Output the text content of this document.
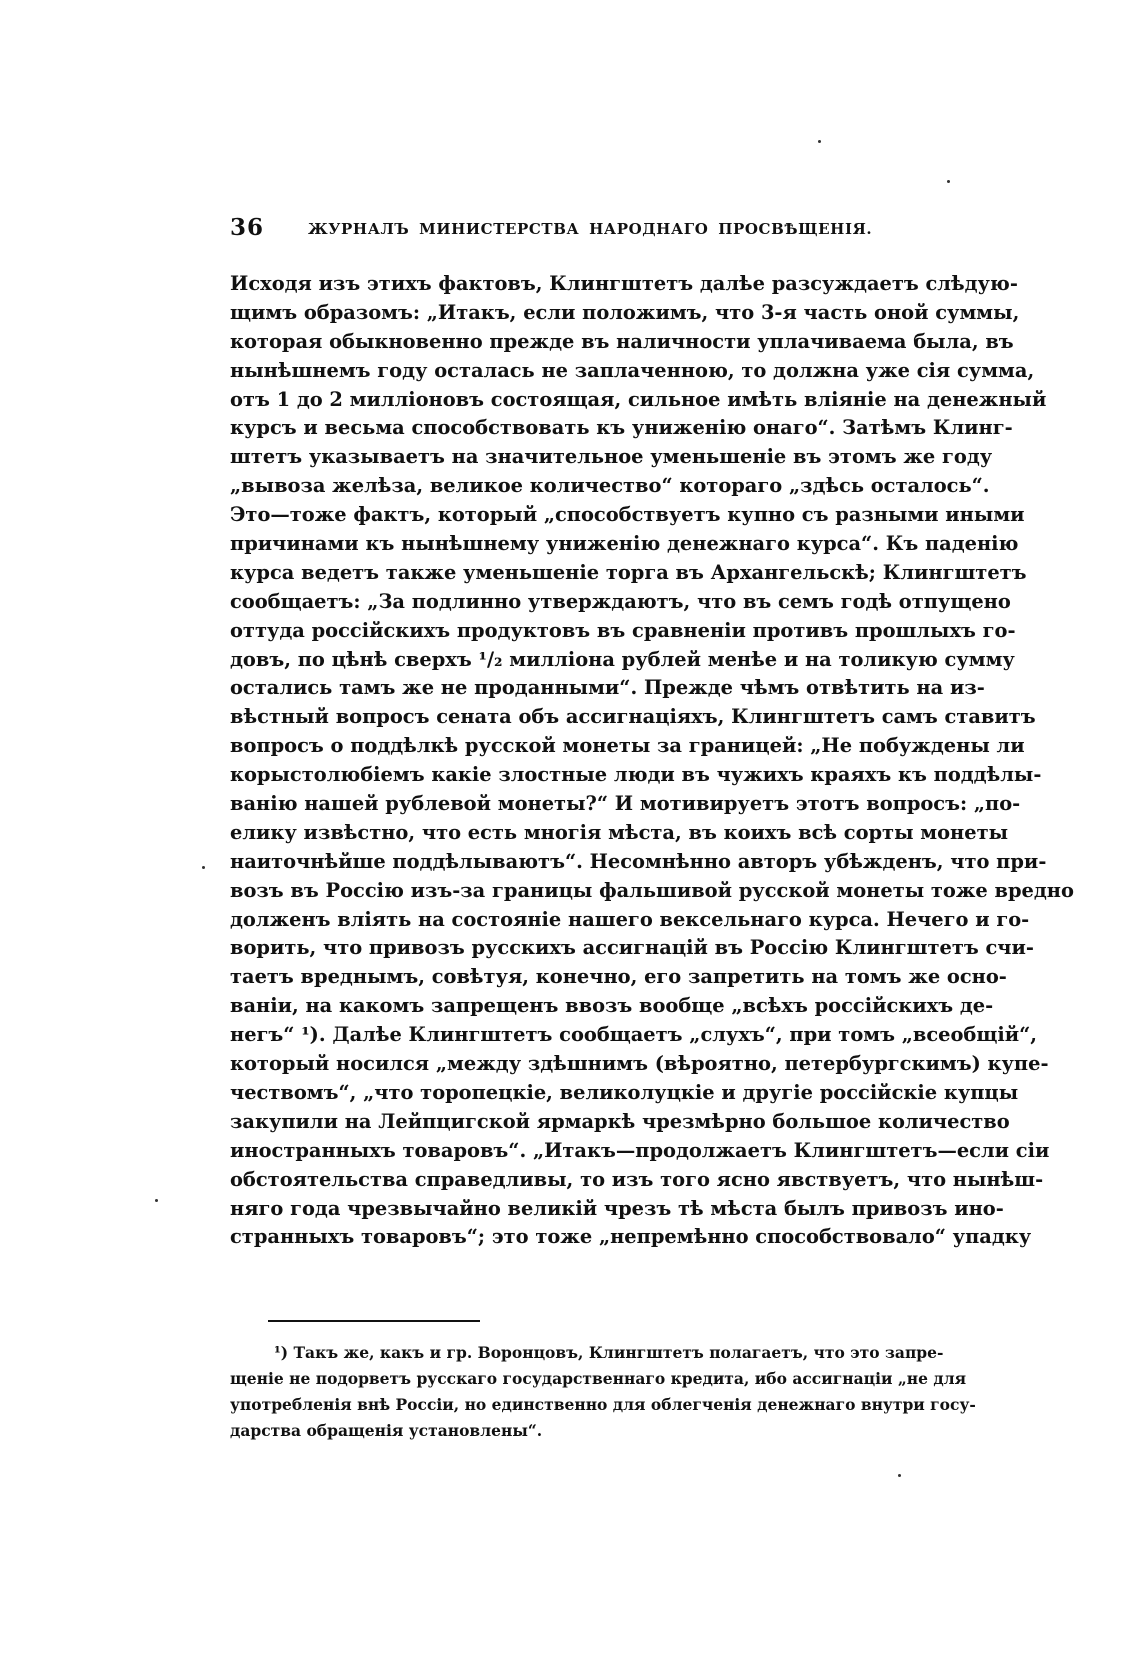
36	ЖУРНАЛЪ МИНИСТЕРСТВА НАРОДНАГО ПРОСВѢЩЕНІЯ.
Исходя изъ этихъ фактовъ, Клингштетъ далѣе разсуждаетъ слѣдую-
щимъ образомъ: „Итакъ, если положимъ, что 3-я часть оной суммы,
которая обыкновенно прежде въ наличности уплачиваема была, въ
нынѣшнемъ году осталась не заплаченною, то должна уже сія сумма,
отъ 1 до 2 милліоновъ состоящая, сильное имѣть вліяніе на денежный
курсъ и весьма способствовать къ униженію онаго“. Затѣмъ Клинг-
штетъ указываетъ на значительное уменьшеніе въ этомъ же году
„вывоза желѣза, великое количество“ котораго „здѣсь осталось“.
Это—тоже фактъ, который „способствуетъ купно съ разными иными
причинами къ нынѣшнему униженію денежнаго курса“. Къ паденію
курса ведетъ также уменьшеніе торга въ Архангельскѣ; Клингштетъ
сообщаетъ: „За подлинно утверждаютъ, что въ семъ годѣ отпущено
оттуда россійскихъ продуктовъ въ сравненіи противъ прошлыхъ го-
довъ, по цѣнѣ сверхъ ¹/₂ милліона рублей менѣе и на толикую сумму
остались тамъ же не проданными“. Прежде чѣмъ отвѣтить на из-
вѣстный вопросъ сената объ ассигнаціяхъ, Клингштетъ самъ ставитъ
вопросъ о поддѣлкѣ русской монеты за границей: „Не побуждены ли
корыстолюбіемъ какіе злостные люди въ чужихъ краяхъ къ поддѣлы-
ванію нашей рублевой монеты?“ И мотивируетъ этотъ вопросъ: „по-
елику извѣстно, что есть многія мѣста, въ коихъ всѣ сорты монеты
наиточнѣйше поддѣлываютъ“. Несомнѣнно авторъ убѣжденъ, что при-
возъ въ Россію изъ-за границы фальшивой русской монеты тоже вредно
долженъ вліять на состояніе нашего вексельнаго курса. Нечего и го-
ворить, что привозъ русскихъ ассигнацій въ Россію Клингштетъ счи-
таетъ вреднымъ, совѣтуя, конечно, его запретить на томъ же осно-
ваніи, на какомъ запрещенъ ввозъ вообще „всѣхъ россійскихъ де-
негъ“ ¹). Далѣе Клингштетъ сообщаетъ „слухъ“, при томъ „всеобщій“,
который носился „между здѣшнимъ (вѣроятно, петербургскимъ) купе-
чествомъ“, „что торопецкіе, великолуцкіе и другіе россійскіе купцы
закупили на Лейпцигской ярмаркѣ чрезмѣрно большое количество
иностранныхъ товаровъ“. „Итакъ—продолжаетъ Клингштетъ—если сіи
обстоятельства справедливы, то изъ того ясно явствуетъ, что нынѣш-
няго года чрезвычайно великій чрезъ тѣ мѣста былъ привозъ ино-
странныхъ товаровъ“; это тоже „непремѣнно способствовало“ упадку
¹) Такъ же, какъ и гр. Воронцовъ, Клингштетъ полагаетъ, что это запре-
щеніе не подорветъ русскаго государственнаго кредита, ибо ассигнаціи „не для
употребленія внѣ Россіи, но единственно для облегченія денежнаго внутри госу-
дарства обращенія установлены“.
